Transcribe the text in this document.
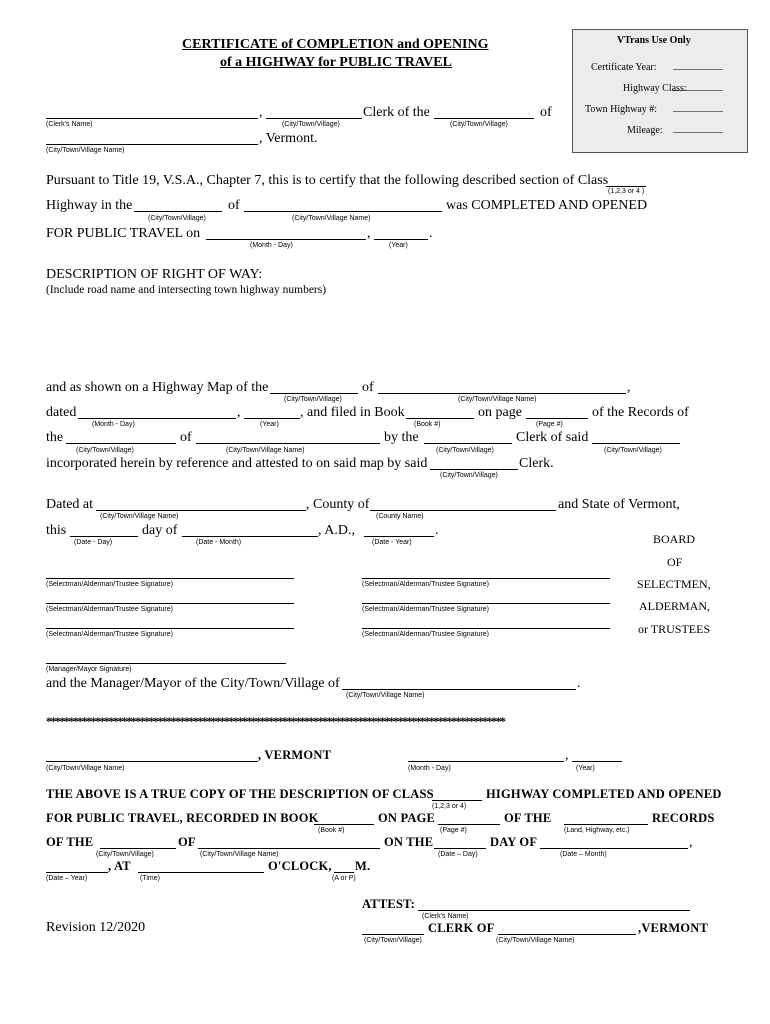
CERTIFICATE of COMPLETION and OPENING
of a HIGHWAY for PUBLIC TRAVEL
VTrans Use Only
Certificate Year: __________
Highway Class:
__________
Town Highway #: __________
Mileage: __________
,	Clerk of the	of
(Clerk's Name)	(City/Town/Village)	(City/Town/Village)
, Vermont.
(City/Town/Village Name)
Pursuant to Title 19, V.S.A., Chapter 7, this is to certify that the following described section of Class
(1,2,3 or 4 )
Highway in the	of	was COMPLETED AND OPENED
(City/Town/Village)	(City/Town/Village Name)
FOR PUBLIC TRAVEL on	,	.
(Month - Day)	(Year)
DESCRIPTION OF RIGHT OF WAY:
(Include road name and intersecting town highway numbers)
and as shown on a Highway Map of the	of	,
(City/Town/Village)	(City/Town/Village Name)
dated	,	, and filed in Book	on page	of the Records of
(Month - Day)	(Year)	(Book #)	(Page #)
the	of	by the	Clerk of said
(City/Town/Village)	(City/Town/Village Name)	(City/Town/Village)	(City/Town/Village)
incorporated herein by reference and attested to on said map by said	Clerk.
(City/Town/Village)
Dated at	, County of	and State of Vermont,
(City/Town/Village Name)	(County Name)
this	day of	, A.D.,	.
(Date - Day)	(Date - Month)	(Date - Year)
(Selectman/Alderman/Trustee Signature)	(Selectman/Alderman/Trustee Signature)
(Selectman/Alderman/Trustee Signature)	(Selectman/Alderman/Trustee Signature)
(Selectman/Alderman/Trustee Signature)	(Selectman/Alderman/Trustee Signature)
BOARD
OF
SELECTMEN,
ALDERMAN,
or TRUSTEES
(Manager/Mayor Signature)
and the Manager/Mayor of the City/Town/Village of	.
(City/Town/Village Name)
*******************************************************************************************************
, VERMONT	,
(City/Town/Village Name)	(Month - Day)	(Year)
THE ABOVE IS A TRUE COPY OF THE DESCRIPTION OF CLASS	HIGHWAY COMPLETED AND OPENED
(1,2,3 or 4)
FOR PUBLIC TRAVEL, RECORDED IN BOOK	ON PAGE	OF THE	RECORDS
(Book #)	(Page #)	(Land, Highway, etc.)
OF THE	OF	ON THE	DAY OF	,
(City/Town/Village)	(City/Town/Village Name)	(Date – Day)	(Date – Month)
, AT	O'CLOCK, M.
(Date – Year)	(Time)	(A or P)
ATTEST:
(Clerk's Name)
CLERK OF	,VERMONT
(City/Town/Village)	(City/Town/Village Name)
Revision 12/2020
